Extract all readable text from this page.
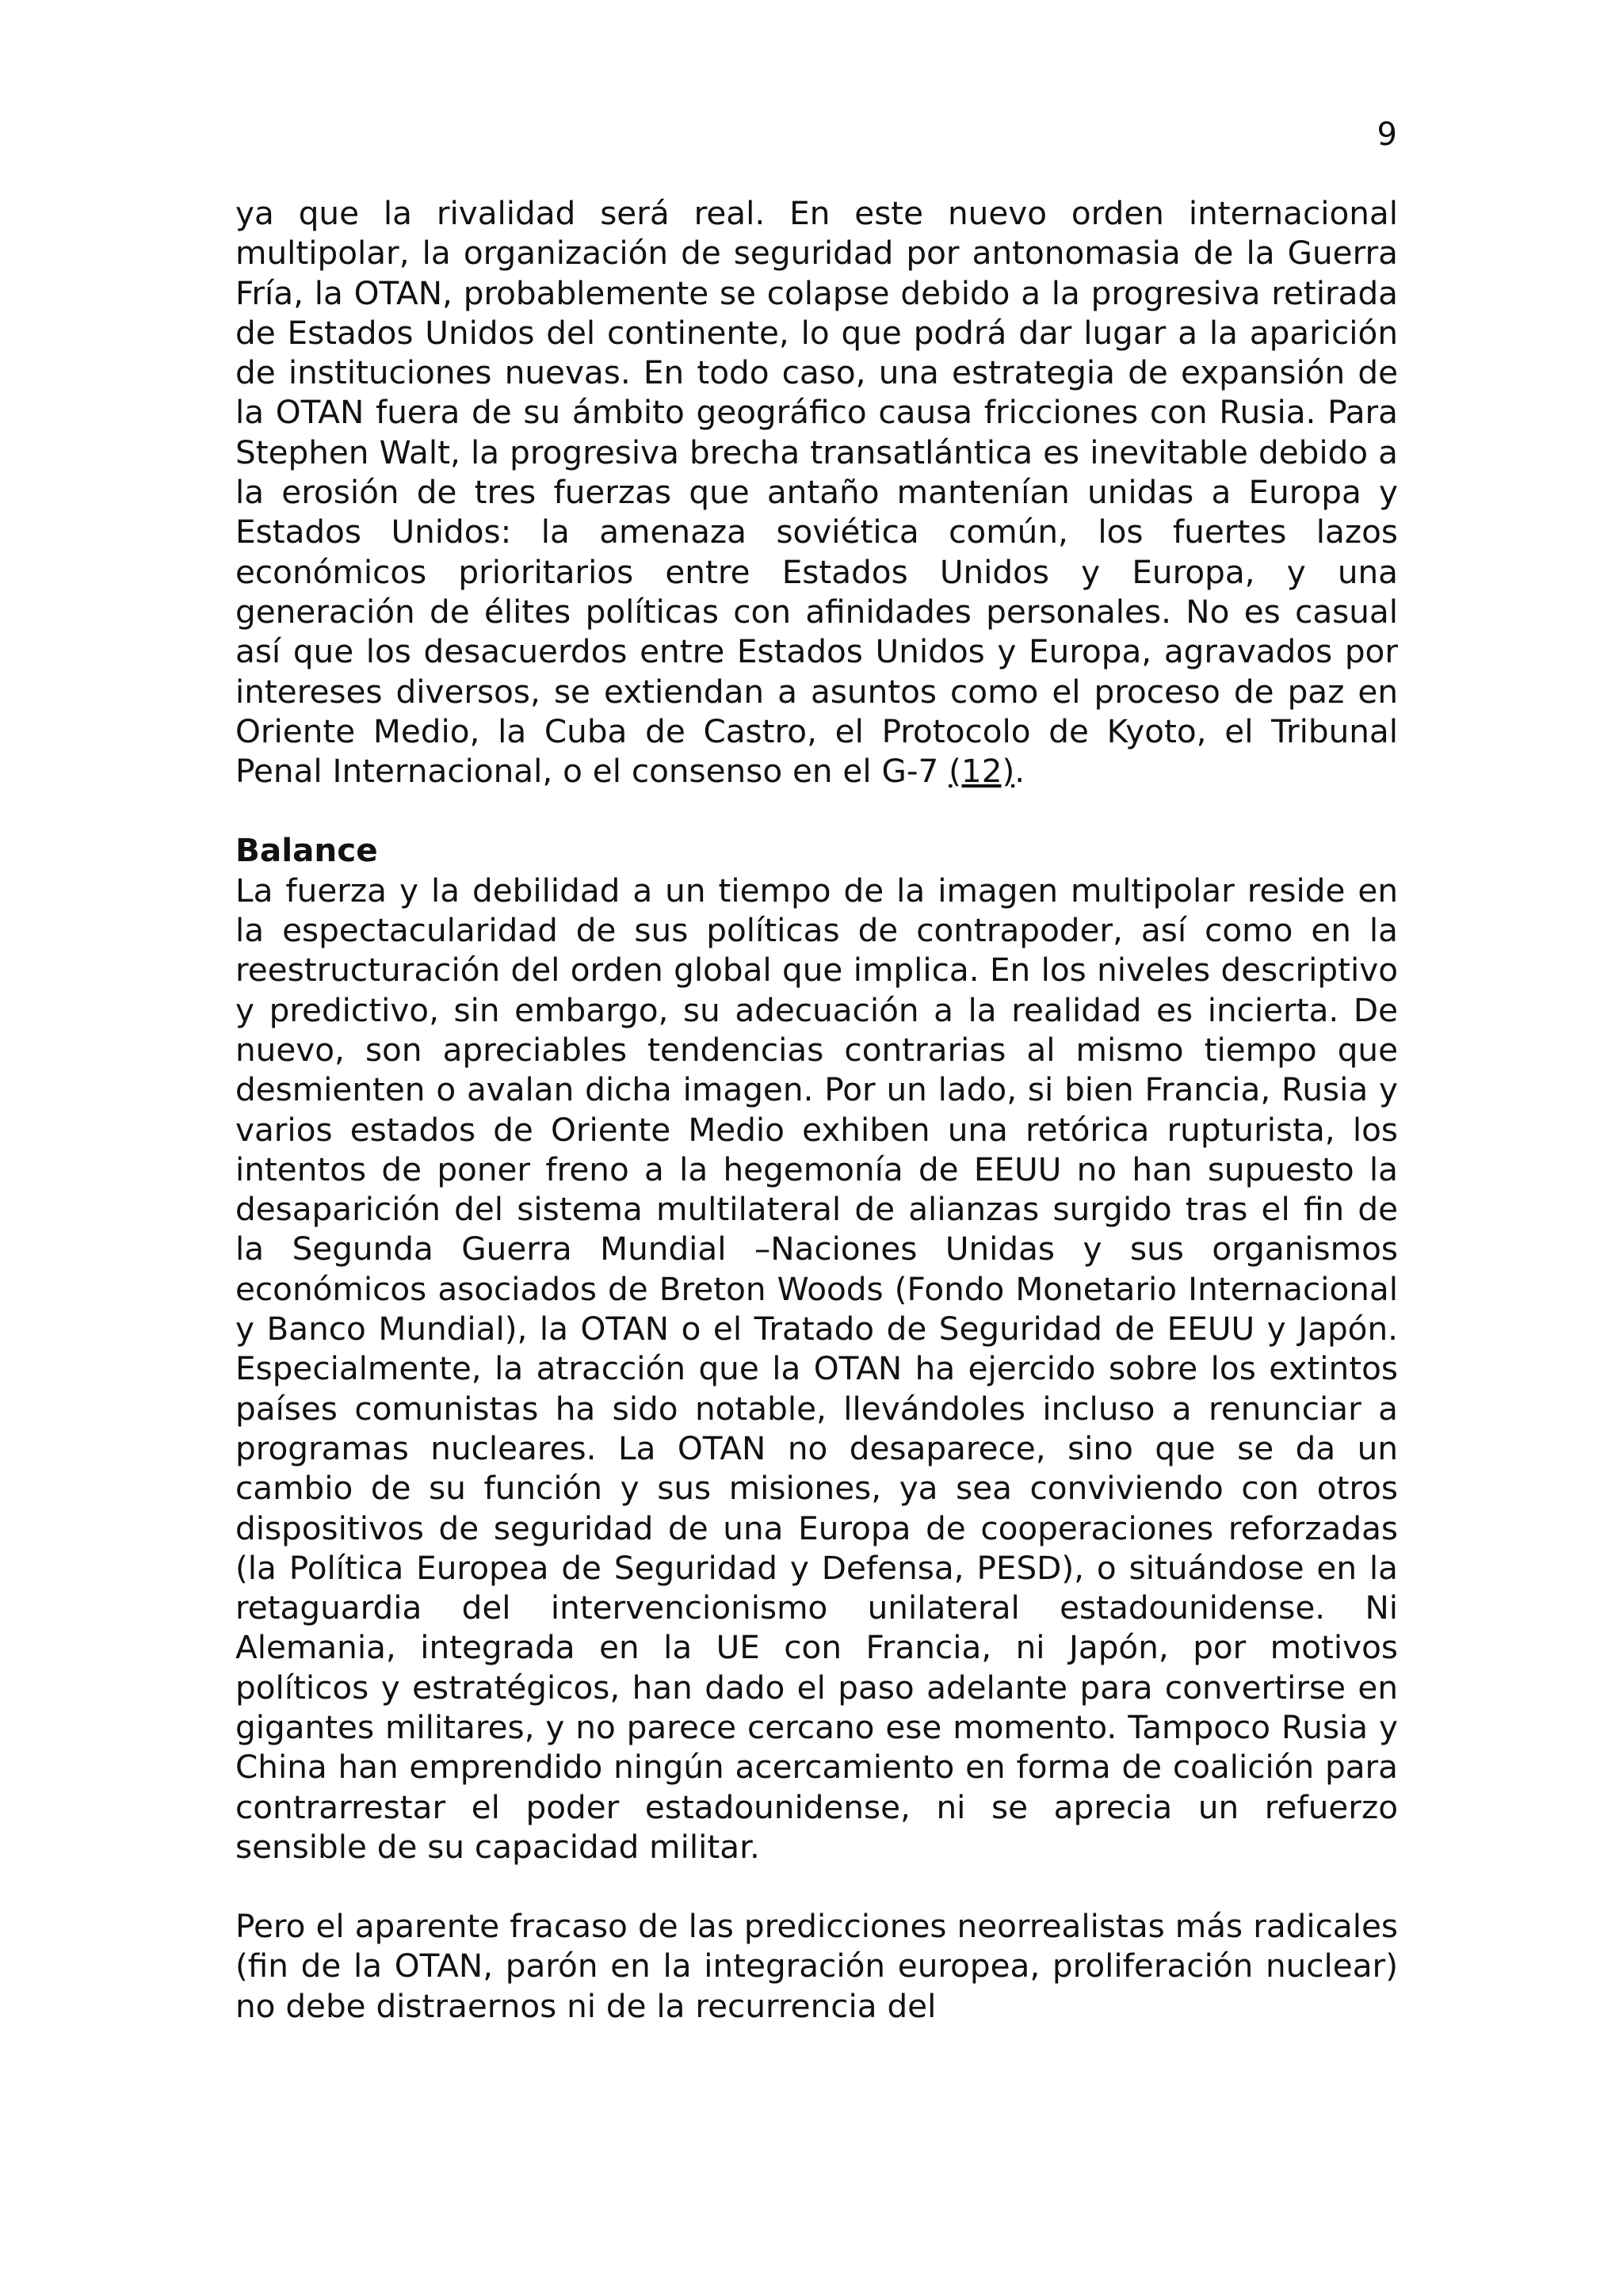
9

ya que la rivalidad será real. En este nuevo orden internacional multipolar, la organización de seguridad por antonomasia de la Guerra Fría, la OTAN, probablemente se colapse debido a la progresiva retirada de Estados Unidos del continente, lo que podrá dar lugar a la aparición de instituciones nuevas. En todo caso, una estrategia de expansión de la OTAN fuera de su ámbito geográfico causa fricciones con Rusia. Para Stephen Walt, la progresiva brecha transatlántica es inevitable debido a la erosión de tres fuerzas que antaño mantenían unidas a Europa y Estados Unidos: la amenaza soviética común, los fuertes lazos económicos prioritarios entre Estados Unidos y Europa, y una generación de élites políticas con afinidades personales. No es casual así que los desacuerdos entre Estados Unidos y Europa, agravados por intereses diversos, se extiendan a asuntos como el proceso de paz en Oriente Medio, la Cuba de Castro, el Protocolo de Kyoto, el Tribunal Penal Internacional, o el consenso en el G-7 (12).

Balance

La fuerza y la debilidad a un tiempo de la imagen multipolar reside en la espectacularidad de sus políticas de contrapoder, así como en la reestructuración del orden global que implica. En los niveles descriptivo y predictivo, sin embargo, su adecuación a la realidad es incierta. De nuevo, son apreciables tendencias contrarias al mismo tiempo que desmienten o avalan dicha imagen. Por un lado, si bien Francia, Rusia y varios estados de Oriente Medio exhiben una retórica rupturista, los intentos de poner freno a la hegemonía de EEUU no han supuesto la desaparición del sistema multilateral de alianzas surgido tras el fin de la Segunda Guerra Mundial –Naciones Unidas y sus organismos económicos asociados de Breton Woods (Fondo Monetario Internacional y Banco Mundial), la OTAN o el Tratado de Seguridad de EEUU y Japón. Especialmente, la atracción que la OTAN ha ejercido sobre los extintos países comunistas ha sido notable, llevándoles incluso a renunciar a programas nucleares. La OTAN no desaparece, sino que se da un cambio de su función y sus misiones, ya sea conviviendo con otros dispositivos de seguridad de una Europa de cooperaciones reforzadas (la Política Europea de Seguridad y Defensa, PESD), o situándose en la retaguardia del intervencionismo unilateral estadounidense. Ni Alemania, integrada en la UE con Francia, ni Japón, por motivos políticos y estratégicos, han dado el paso adelante para convertirse en gigantes militares, y no parece cercano ese momento. Tampoco Rusia y China han emprendido ningún acercamiento en forma de coalición para contrarrestar el poder estadounidense, ni se aprecia un refuerzo sensible de su capacidad militar.

Pero el aparente fracaso de las predicciones neorrealistas más radicales (fin de la OTAN, parón en la integración europea, proliferación nuclear) no debe distraernos ni de la recurrencia del
